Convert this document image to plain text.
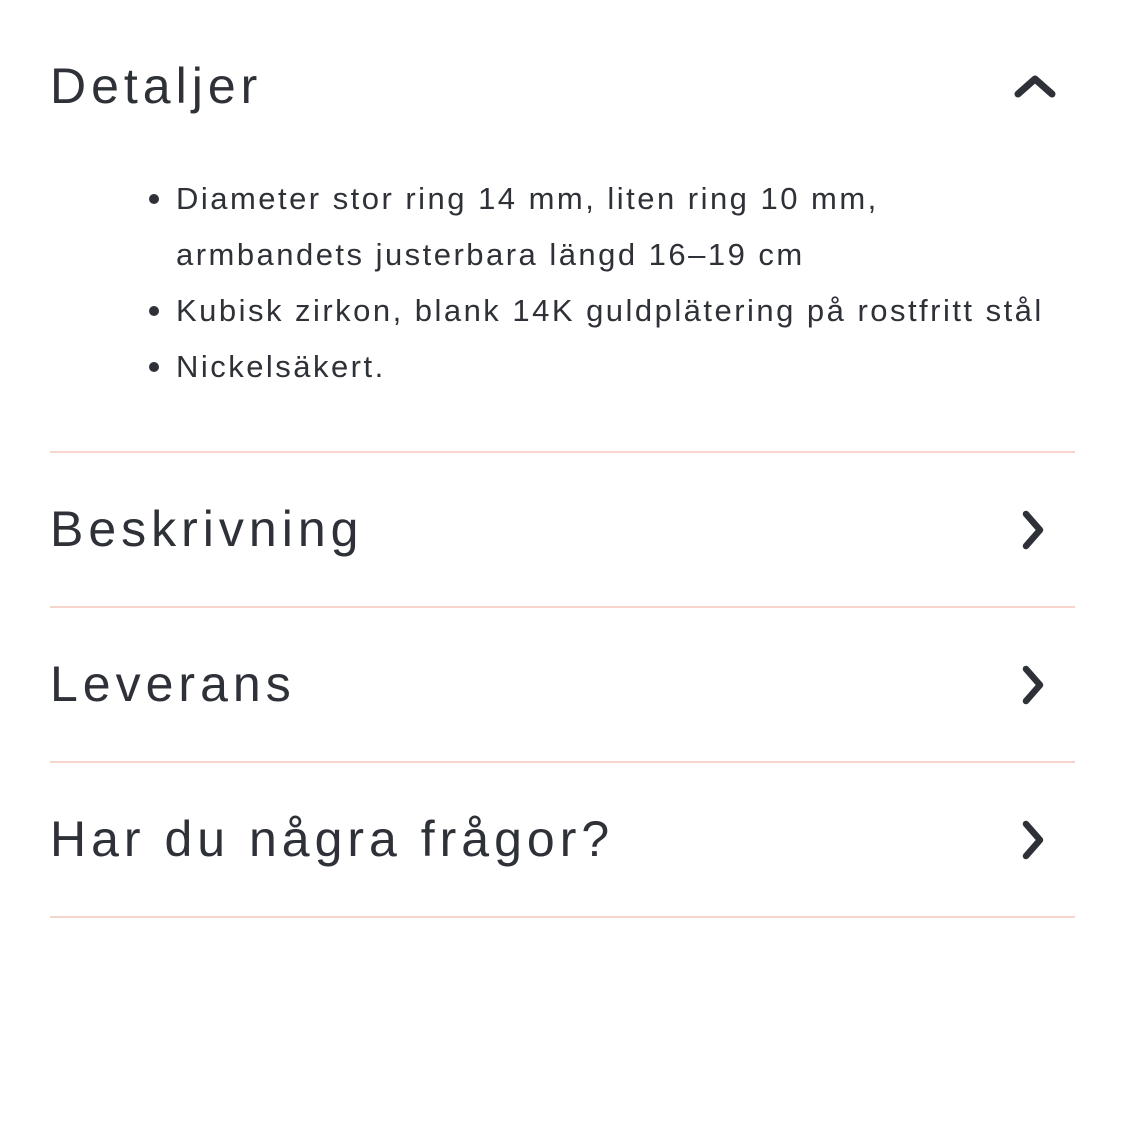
Detaljer
Diameter stor ring 14 mm, liten ring 10 mm, armbandets justerbara längd 16–19 cm
Kubisk zirkon, blank 14K guldplätering på rostfritt stål
Nickelsäkert.
Beskrivning
Leverans
Har du några frågor?
